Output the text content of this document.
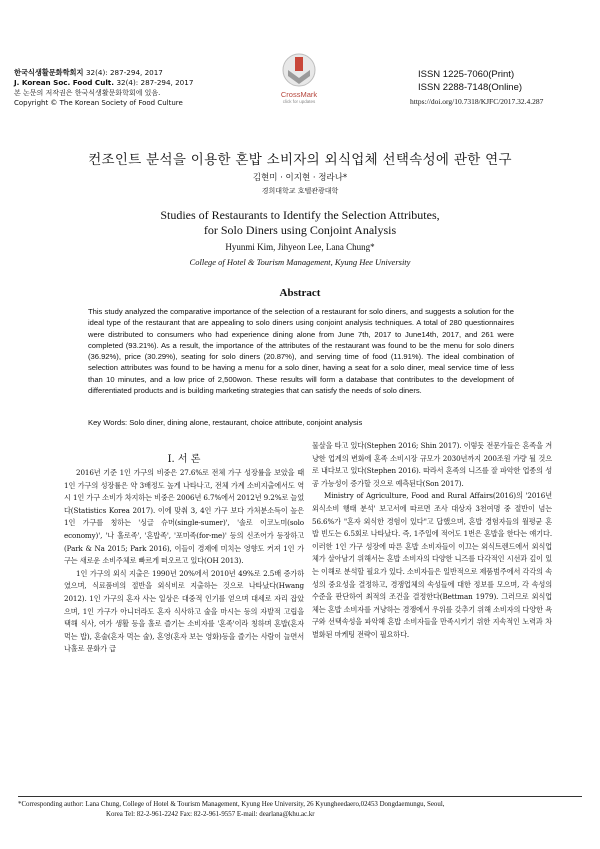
한국식생활문화학회지 32(4): 287-294, 2017
J. Korean Soc. Food Cult. 32(4): 287-294, 2017
본 논문의 저작권은 한국식생활문화학회에 있음.
Copyright © The Korean Society of Food Culture
CrossMark
click for updates
ISSN 1225-7060(Print)
ISSN 2288-7148(Online)
https://doi.org/10.7318/KJFC/2017.32.4.287
컨조인트 분석을 이용한 혼밥 소비자의 외식업체 선택속성에 관한 연구
김현미 · 이지현 · 정라나*
경희대학교 호텔관광대학
Studies of Restaurants to Identify the Selection Attributes,
for Solo Diners using Conjoint Analysis
Hyunmi Kim, Jihyeon Lee, Lana Chung*
College of Hotel & Tourism Management, Kyung Hee University
Abstract
This study analyzed the comparative importance of the selection of a restaurant for solo diners, and suggests a solution for the ideal type of the restaurant that are appealing to solo diners using conjoint analysis techniques. A total of 280 questionnaires were distributed to consumers who had experience dining alone from June 7th, 2017 to June14th, 2017, and 261 were completed (93.21%). As a result, the importance of the attributes of the restaurant was found to be the menu for solo diners (36.92%), price (30.29%), seating for solo diners (20.87%), and serving time of food (11.91%). The ideal combination of selection attributes was found to be having a menu for a solo diner, having a seat for a solo diner, meal service time of less than 10 minutes, and a low price of 2,500won. These results will form a database that contributes to the development of differentiated products and is building marketing strategies that can satisfy the needs of solo diners.
Key Words: Solo diner, dining alone, restaurant, choice attribute, conjoint analysis
Ⅰ. 서 론

2016년 기준 1인 가구의 비중은 27.6%로 전체 가구 성장률을 보았을 때 1인 가구의 성장률은 약 3배정도 높게 나타나고, 전체 가계 소비지출에서도 역시 1인 가구 소비가 차지하는 비중은 2006년 6.7%에서 2012년 9.2%로 늘었다(Statistics Korea 2017). 이에 맞춰 3, 4인 가구 보다 가처분소득이 높은 1인 가구를 칭하는 '싱글 슈머(single-sumer)', '솔로 이코노미(solo economy)', '나 홀로족', '혼밥족', '포미족(for-me)' 등의 신조어가 등장하고(Park & Na 2015; Park 2016), 이들이 경제에 미치는 영향도 커져 1인 가구는 새로운 소비주체로 빠르게 떠오르고 있다(OH 2013).

1인 가구의 외식 지출은 1990년 20%에서 2010년 49%로 2.5배 증가하였으며, 식료품비의 절반을 외식비로 지출하는 것으로 나타났다(Hwang 2012). 1인 가구의 혼자 사는 일상은 대중적 인기를 얻으며 대세로 자리 잡았으며, 1인 가구가 아니더라도 혼자 식사하고 술을 마시는 등의 자발적 고립을 택해 식사, 여가 생활 등을 홀로 즐기는 소비자를 '혼족'이라 칭하며 혼밥(혼자 먹는 밥), 혼술(혼자 먹는 술), 혼영(혼자 보는 영화)등을 즐기는 사람이 늘면서 나홀로 문화가 급

물살을 타고 있다(Stephen 2016; Shin 2017). 이렇듯 전문가들은 혼족을 겨냥한 업계의 변화에 혼족 소비시장 규모가 2030년까지 200조원 가량 될 것으로 내다보고 있다(Stephen 2016). 따라서 혼족의 니즈를 잘 파악한 업종의 성공 가능성이 증가할 것으로 예측된다(Son 2017).

Ministry of Agriculture, Food and Rural Affairs(2016)의 '2016년 외식소비 행태 분석' 보고서에 따르면 조사 대상자 3천여명 중 절반이 넘는 56.6%가 "혼자 외식한 경험이 있다"고 답했으며, 혼밥 경험자들의 월평균 혼밥 빈도는 6.5회로 나타났다. 즉, 1주일에 적어도 1번은 혼밥을 한다는 얘기다. 이러한 1인 가구 성장에 따른 혼밥 소비자들이 이끄는 외식트렌드에서 외식업체가 살아남기 위해서는 혼밥 소비자의 다양한 니즈를 다각적인 시선과 깊이 있는 이해로 분석할 필요가 있다. 소비자들은 일반적으로 제품범주에서 각각의 속성의 중요성을 결정하고, 경쟁업체의 속성들에 대한 정보를 모으며, 각 속성의 수준을 판단하여 최적의 조건을 결정한다(Bettman 1979). 그러므로 외식업체는 혼밥 소비자를 겨냥하는 경쟁에서 우위를 갖추기 위해 소비자의 다양한 욕구와 선택속성을 파악해 혼밥 소비자들을 만족시키기 위한 지속적인 노력과 차별화된 마케팅 전략이 필요하다.

*Corresponding author: Lana Chung, College of Hotel & Tourism Management, Kyung Hee University, 26 Kyungheedaero,02453 Dongdaemungu, Seoul,
Korea Tel: 82-2-961-2242 Fax: 82-2-961-9557 E-mail: dearlana@khu.ac.kr
